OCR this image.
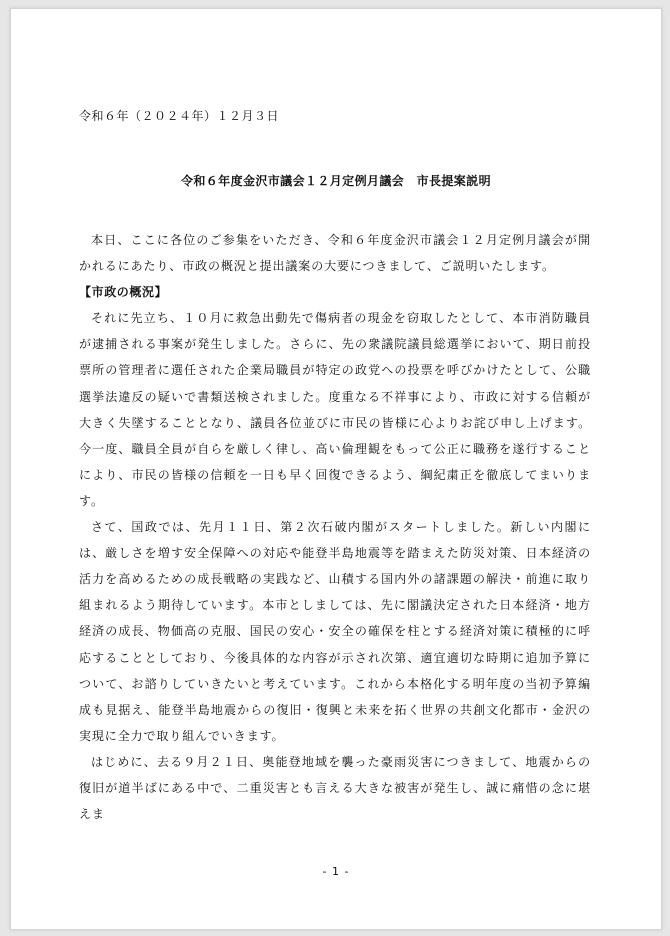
令和６年（２０２４年）１２月３日
令和６年度金沢市議会１２月定例月議会　市長提案説明

本日、ここに各位のご参集をいただき、令和６年度金沢市議会１２月定例月議会が開かれるにあたり、市政の概況と提出議案の大要につきまして、ご説明いたします。

【市政の概況】

それに先立ち、１０月に救急出動先で傷病者の現金を窃取したとして、本市消防職員が逮捕される事案が発生しました。さらに、先の衆議院議員総選挙において、期日前投票所の管理者に選任された企業局職員が特定の政党への投票を呼びかけたとして、公職選挙法違反の疑いで書類送検されました。度重なる不祥事により、市政に対する信頼が大きく失墜することとなり、議員各位並びに市民の皆様に心よりお詫び申し上げます。今一度、職員全員が自らを厳しく律し、高い倫理観をもって公正に職務を遂行することにより、市民の皆様の信頼を一日も早く回復できるよう、綱紀粛正を徹底してまいります。

さて、国政では、先月１１日、第２次石破内閣がスタートしました。新しい内閣には、厳しさを増す安全保障への対応や能登半島地震等を踏まえた防災対策、日本経済の活力を高めるための成長戦略の実践など、山積する国内外の諸課題の解決・前進に取り組まれるよう期待しています。本市としましては、先に閣議決定された日本経済・地方経済の成長、物価高の克服、国民の安心・安全の確保を柱とする経済対策に積極的に呼応することとしており、今後具体的な内容が示され次第、適宜適切な時期に追加予算について、お諮りしていきたいと考えています。これから本格化する明年度の当初予算編成も見据え、能登半島地震からの復旧・復興と未来を拓く世界の共創文化都市・金沢の実現に全力で取り組んでいきます。

はじめに、去る９月２１日、奥能登地域を襲った豪雨災害につきまして、地震からの復旧が道半ばにある中で、二重災害とも言える大きな被害が発生し、誠に痛惜の念に堪えま

- 1 -
